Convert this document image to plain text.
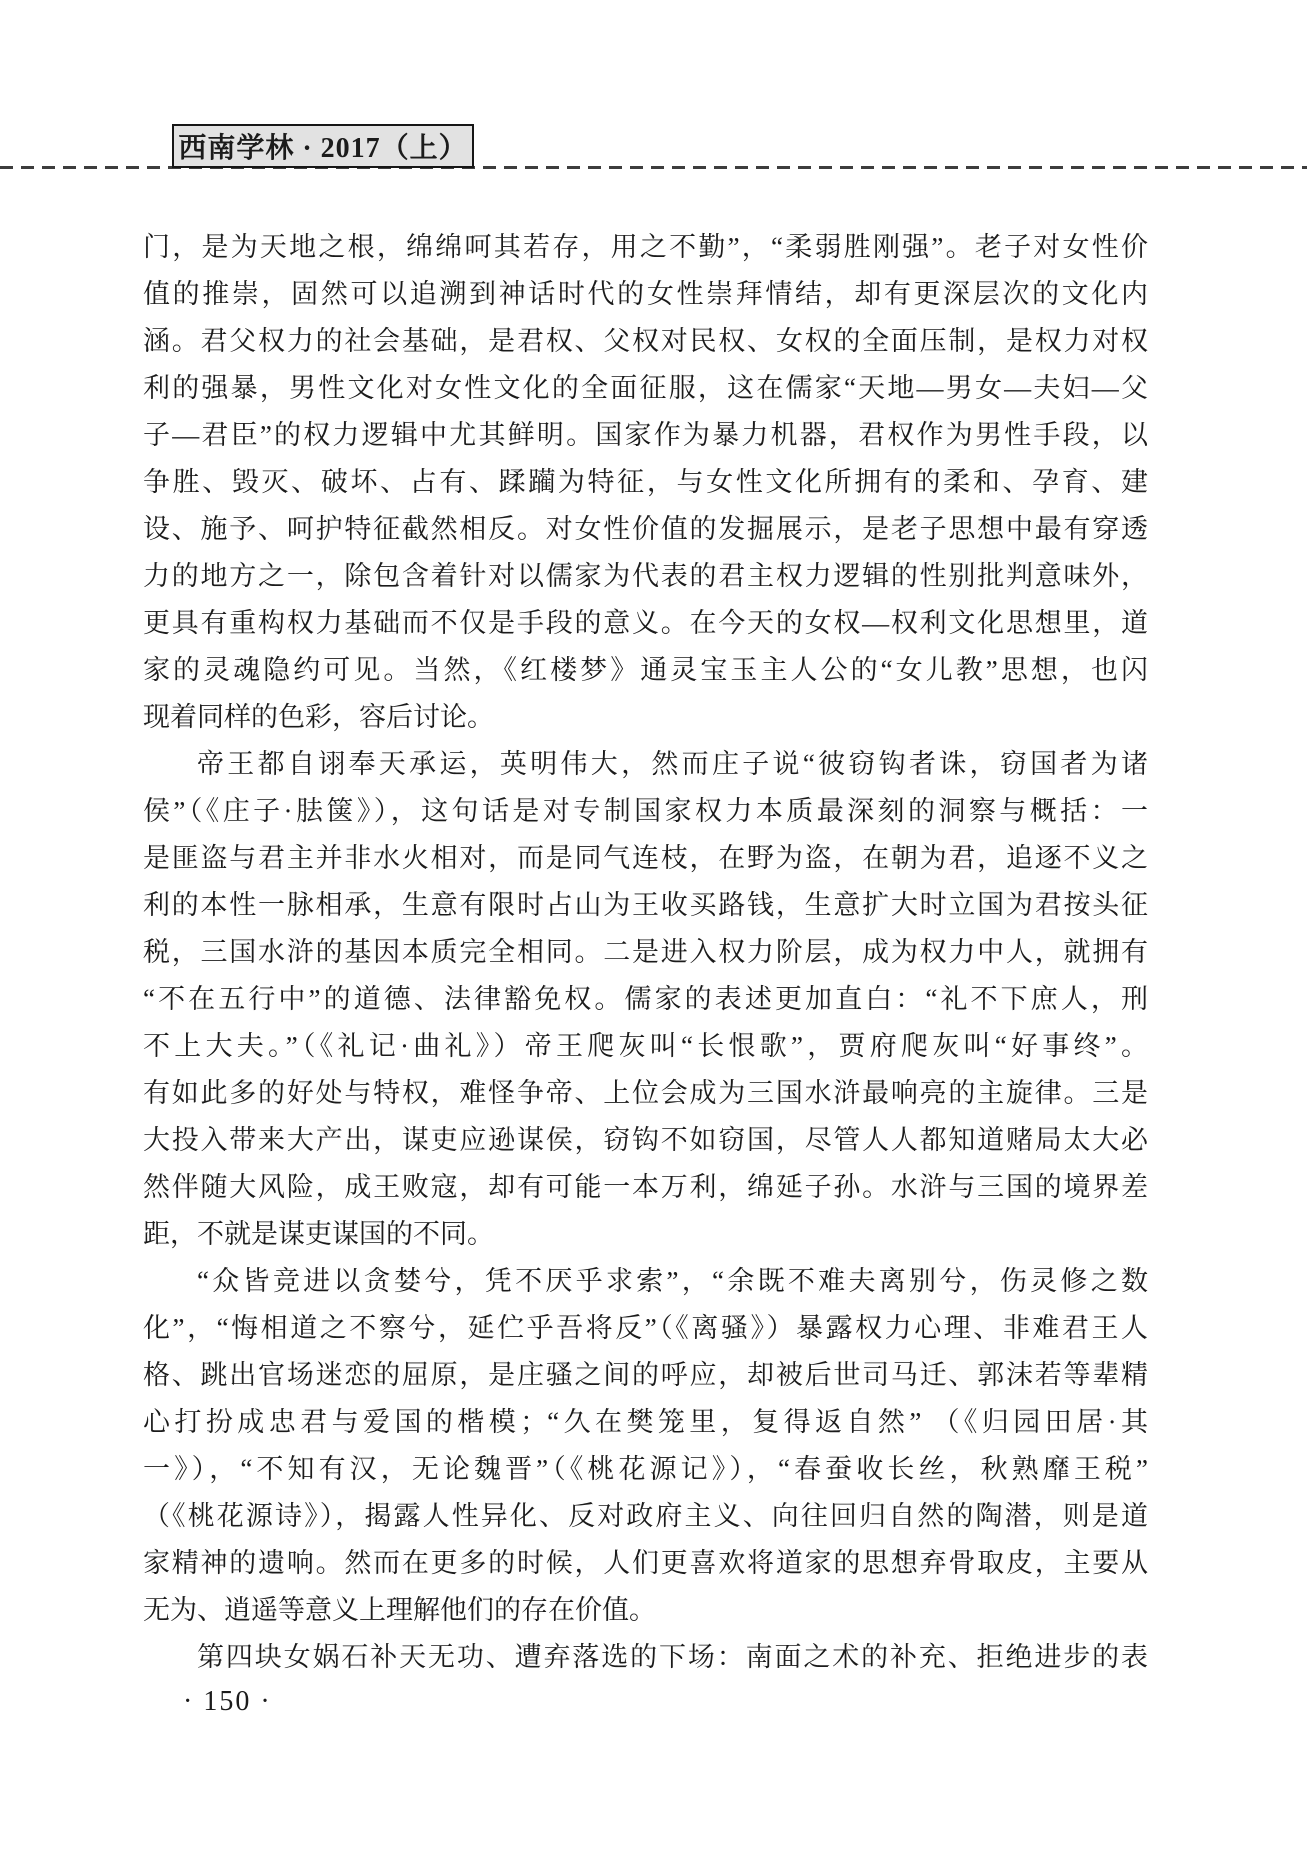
西南学林 · 2017（上）
门，是为天地之根，绵绵呵其若存，用之不勤”，“柔弱胜刚强”。老子对女性价
值的推崇，固然可以追溯到神话时代的女性崇拜情结，却有更深层次的文化内
涵。君父权力的社会基础，是君权、父权对民权、女权的全面压制，是权力对权
利的强暴，男性文化对女性文化的全面征服，这在儒家“天地—男女—夫妇—父
子—君臣”的权力逻辑中尤其鲜明。国家作为暴力机器，君权作为男性手段，以
争胜、毁灭、破坏、占有、蹂躏为特征，与女性文化所拥有的柔和、孕育、建
设、施予、呵护特征截然相反。对女性价值的发掘展示，是老子思想中最有穿透
力的地方之一，除包含着针对以儒家为代表的君主权力逻辑的性别批判意味外，
更具有重构权力基础而不仅是手段的意义。在今天的女权—权利文化思想里，道
家的灵魂隐约可见。当然，《红楼梦》通灵宝玉主人公的“女儿教”思想，也闪
现着同样的色彩，容后讨论。
帝王都自诩奉天承运，英明伟大，然而庄子说“彼窃钩者诛，窃国者为诸
侯”（《庄子·胠箧》），这句话是对专制国家权力本质最深刻的洞察与概括：一
是匪盗与君主并非水火相对，而是同气连枝，在野为盗，在朝为君，追逐不义之
利的本性一脉相承，生意有限时占山为王收买路钱，生意扩大时立国为君按头征
税，三国水浒的基因本质完全相同。二是进入权力阶层，成为权力中人，就拥有
“不在五行中”的道德、法律豁免权。儒家的表述更加直白：“礼不下庶人，刑
不上大夫。”（《礼记·曲礼》）帝王爬灰叫“长恨歌”，贾府爬灰叫“好事终”。
有如此多的好处与特权，难怪争帝、上位会成为三国水浒最响亮的主旋律。三是
大投入带来大产出，谋吏应逊谋侯，窃钩不如窃国，尽管人人都知道赌局太大必
然伴随大风险，成王败寇，却有可能一本万利，绵延子孙。水浒与三国的境界差
距，不就是谋吏谋国的不同。
“众皆竞进以贪婪兮，凭不厌乎求索”，“余既不难夫离别兮，伤灵修之数
化”，“悔相道之不察兮，延伫乎吾将反”（《离骚》）暴露权力心理、非难君王人
格、跳出官场迷恋的屈原，是庄骚之间的呼应，却被后世司马迁、郭沫若等辈精
心打扮成忠君与爱国的楷模；“久在樊笼里，复得返自然” （《归园田居·其
一》），“不知有汉，无论魏晋”（《桃花源记》），“春蚕收长丝，秋熟靡王税”
（《桃花源诗》），揭露人性异化、反对政府主义、向往回归自然的陶潜，则是道
家精神的遗响。然而在更多的时候，人们更喜欢将道家的思想弃骨取皮，主要从
无为、逍遥等意义上理解他们的存在价值。
第四块女娲石补天无功、遭弃落选的下场：南面之术的补充、拒绝进步的表
· 150 ·
